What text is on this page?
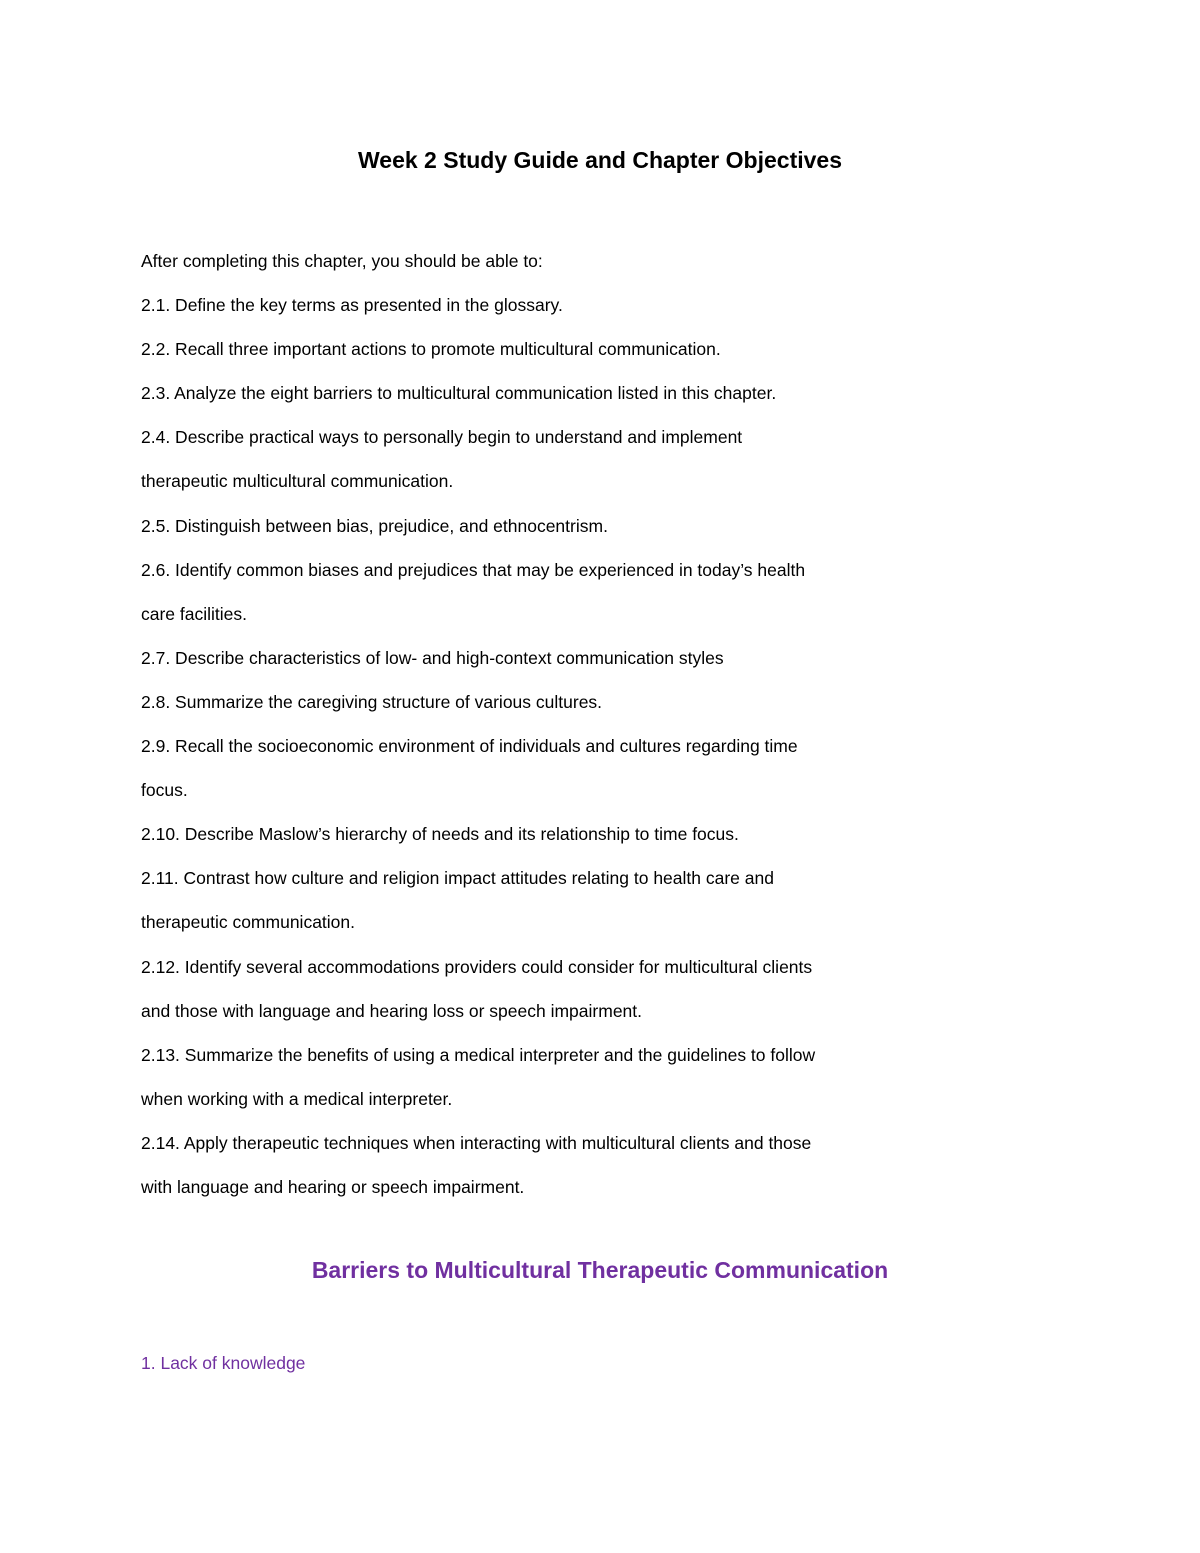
Week 2 Study Guide and Chapter Objectives

After completing this chapter, you should be able to:

2.1. Define the key terms as presented in the glossary.

2.2. Recall three important actions to promote multicultural communication.

2.3. Analyze the eight barriers to multicultural communication listed in this chapter.

2.4. Describe practical ways to personally begin to understand and implement

therapeutic multicultural communication.

2.5. Distinguish between bias, prejudice, and ethnocentrism.

2.6. Identify common biases and prejudices that may be experienced in today’s health

care facilities.

2.7. Describe characteristics of low- and high-context communication styles

2.8. Summarize the caregiving structure of various cultures.

2.9. Recall the socioeconomic environment of individuals and cultures regarding time

focus.

2.10. Describe Maslow’s hierarchy of needs and its relationship to time focus.

2.11. Contrast how culture and religion impact attitudes relating to health care and

therapeutic communication.

2.12. Identify several accommodations providers could consider for multicultural clients

and those with language and hearing loss or speech impairment.

2.13. Summarize the benefits of using a medical interpreter and the guidelines to follow

when working with a medical interpreter.

2.14. Apply therapeutic techniques when interacting with multicultural clients and those

with language and hearing or speech impairment.

Barriers to Multicultural Therapeutic Communication

1. Lack of knowledge
